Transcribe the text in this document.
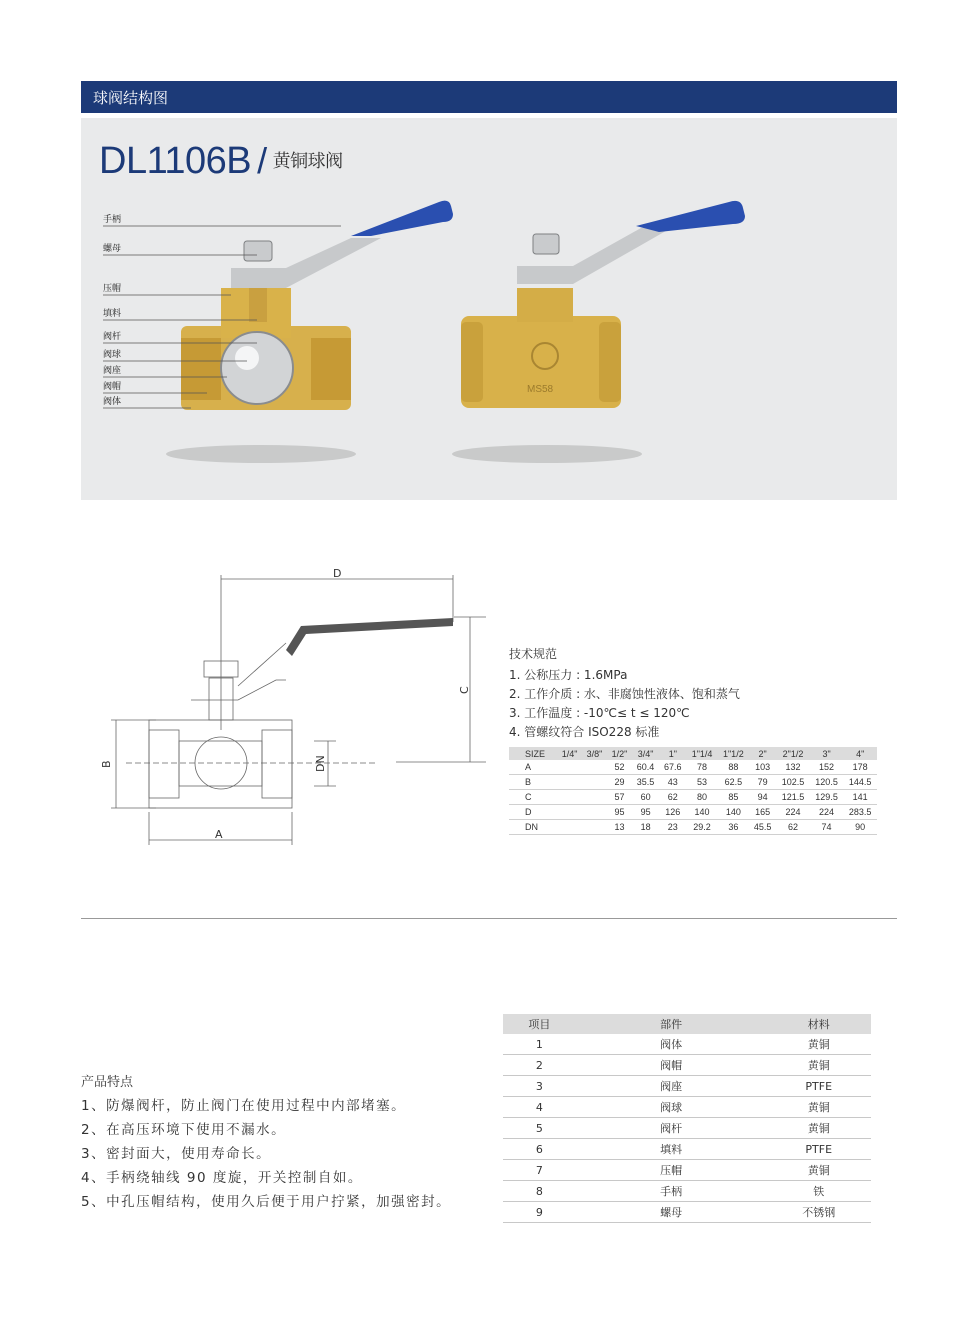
球阀结构图
MS58
DL1106B / $^{黄铜球阀}$
手柄
螺母
压帽
填料
阀杆
阀球
阀座
阀帽
阀体
D
C
B	DN
A
技术规范
1. 公称压力 : 1.6MPa
2. 工作介质 : 水、非腐蚀性液体、饱和蒸气
3. 工作温度 : -10℃≤ t ≤ 120℃
4. 管螺纹符合 ISO228 标准
SIZE	1/4"	3/8"	1/2"	3/4"	1"	1"1/4	1"1/2	2"	2"1/2	3"	4"
A			52	60.4	67.6	78	88	103	132	152	178
B			29	35.5	43	53	62.5	79	102.5	120.5	144.5
C			57	60	62	80	85	94	121.5	129.5	141
D			95	95	126	140	140	165	224	224	283.5
DN			13	18	23	29.2	36	45.5	62	74	90
产品特点
1、防爆阀杆，防止阀门在使用过程中内部堵塞。
2、在高压环境下使用不漏水。
3、密封面大，使用寿命长。
4、手柄绕轴线 90 度旋，开关控制自如。
5、中孔压帽结构，使用久后便于用户拧紧，加强密封。
项目	部件	材料
1	阀体	黄铜
2	阀帽	黄铜
3	阀座	PTFE
4	阀球	黄铜
5	阀杆	黄铜
6	填料	PTFE
7	压帽	黄铜
8	手柄	铁
9	螺母	不锈钢
